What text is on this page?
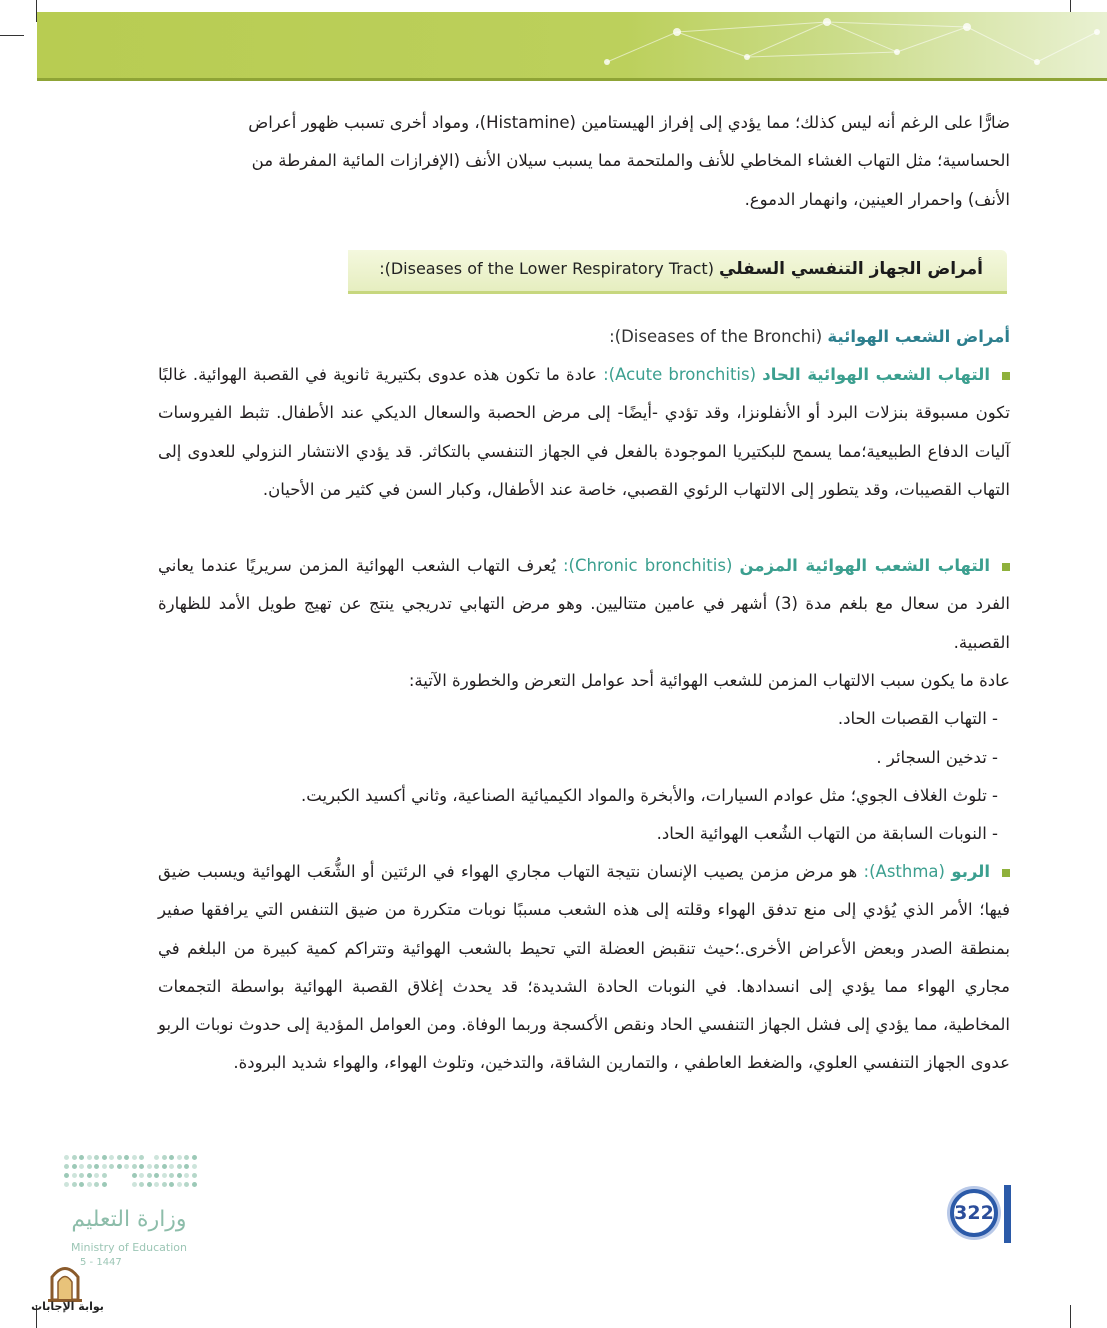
ضارًّا على الرغم أنه ليس كذلك؛ مما يؤدي إلى إفراز الهيستامين (Histamine)، ومواد أخرى تسبب ظهور أعراض

الحساسية؛ مثل التهاب الغشاء المخاطي للأنف والملتحمة مما يسبب سيلان الأنف (الإفرازات المائية المفرطة من

الأنف) واحمرار العينين، وانهمار الدموع.

أمراض الجهاز التنفسي السفلي (Diseases of the Lower Respiratory Tract):
أمراض الشعب الهوائية (Diseases of the Bronchi):

التهاب الشعب الهوائية الحاد (Acute bronchitis): عادة ما تكون هذه عدوى بكتيرية ثانوية في القصبة الهوائية. غالبًا تكون مسبوقة بنزلات البرد أو الأنفلونزا، وقد تؤدي -أيضًا- إلى مرض الحصبة والسعال الديكي عند الأطفال. تثبط الفيروسات آليات الدفاع الطبيعية؛مما يسمح للبكتيريا الموجودة بالفعل في الجهاز التنفسي بالتكاثر. قد يؤدي الانتشار النزولي للعدوى إلى التهاب القصيبات، وقد يتطور إلى الالتهاب الرئوي القصبي، خاصة عند الأطفال، وكبار السن في كثير من الأحيان.

التهاب الشعب الهوائية المزمن (Chronic bronchitis): يُعرف التهاب الشعب الهوائية المزمن سريريًا عندما يعاني الفرد من سعال مع بلغم مدة (3) أشهر في عامين متتاليين. وهو مرض التهابي تدريجي ينتج عن تهيج طويل الأمد للظهارة القصبية.

عادة ما يكون سبب الالتهاب المزمن للشعب الهوائية أحد عوامل التعرض والخطورة الآتية:

- التهاب القصبات الحاد.

- تدخين السجائر .

- تلوث الغلاف الجوي؛ مثل عوادم السيارات، والأبخرة والمواد الكيميائية الصناعية، وثاني أكسيد الكبريت.

- النوبات السابقة من التهاب الشُعب الهوائية الحاد.

الربو (Asthma): هو مرض مزمن يصيب الإنسان نتيجة التهاب مجاري الهواء في الرئتين أو الشُّعَب الهوائية ويسبب ضيق فيها؛ الأمر الذي يُؤدي إلى منع تدفق الهواء وقلته إلى هذه الشعب مسببًا نوبات متكررة من ضيق التنفس التي يرافقها صفير بمنطقة الصدر وبعض الأعراض الأخرى.؛حيث تنقبض العضلة التي تحيط بالشعب الهوائية وتتراكم كمية كبيرة من البلغم في مجاري الهواء مما يؤدي إلى انسدادها. في النوبات الحادة الشديدة؛ قد يحدث إغلاق القصبة الهوائية بواسطة التجمعات المخاطية، مما يؤدي إلى فشل الجهاز التنفسي الحاد ونقص الأكسجة وربما الوفاة. ومن العوامل المؤدية إلى حدوث نوبات الربو عدوى الجهاز التنفسي العلوي، والضغط العاطفي ، والتمارين الشاقة، والتدخين، وتلوث الهواء، والهواء شديد البرودة.

وزارة التعليم
Ministry of Education
5 - 1447
322
بوابة الإجابات
